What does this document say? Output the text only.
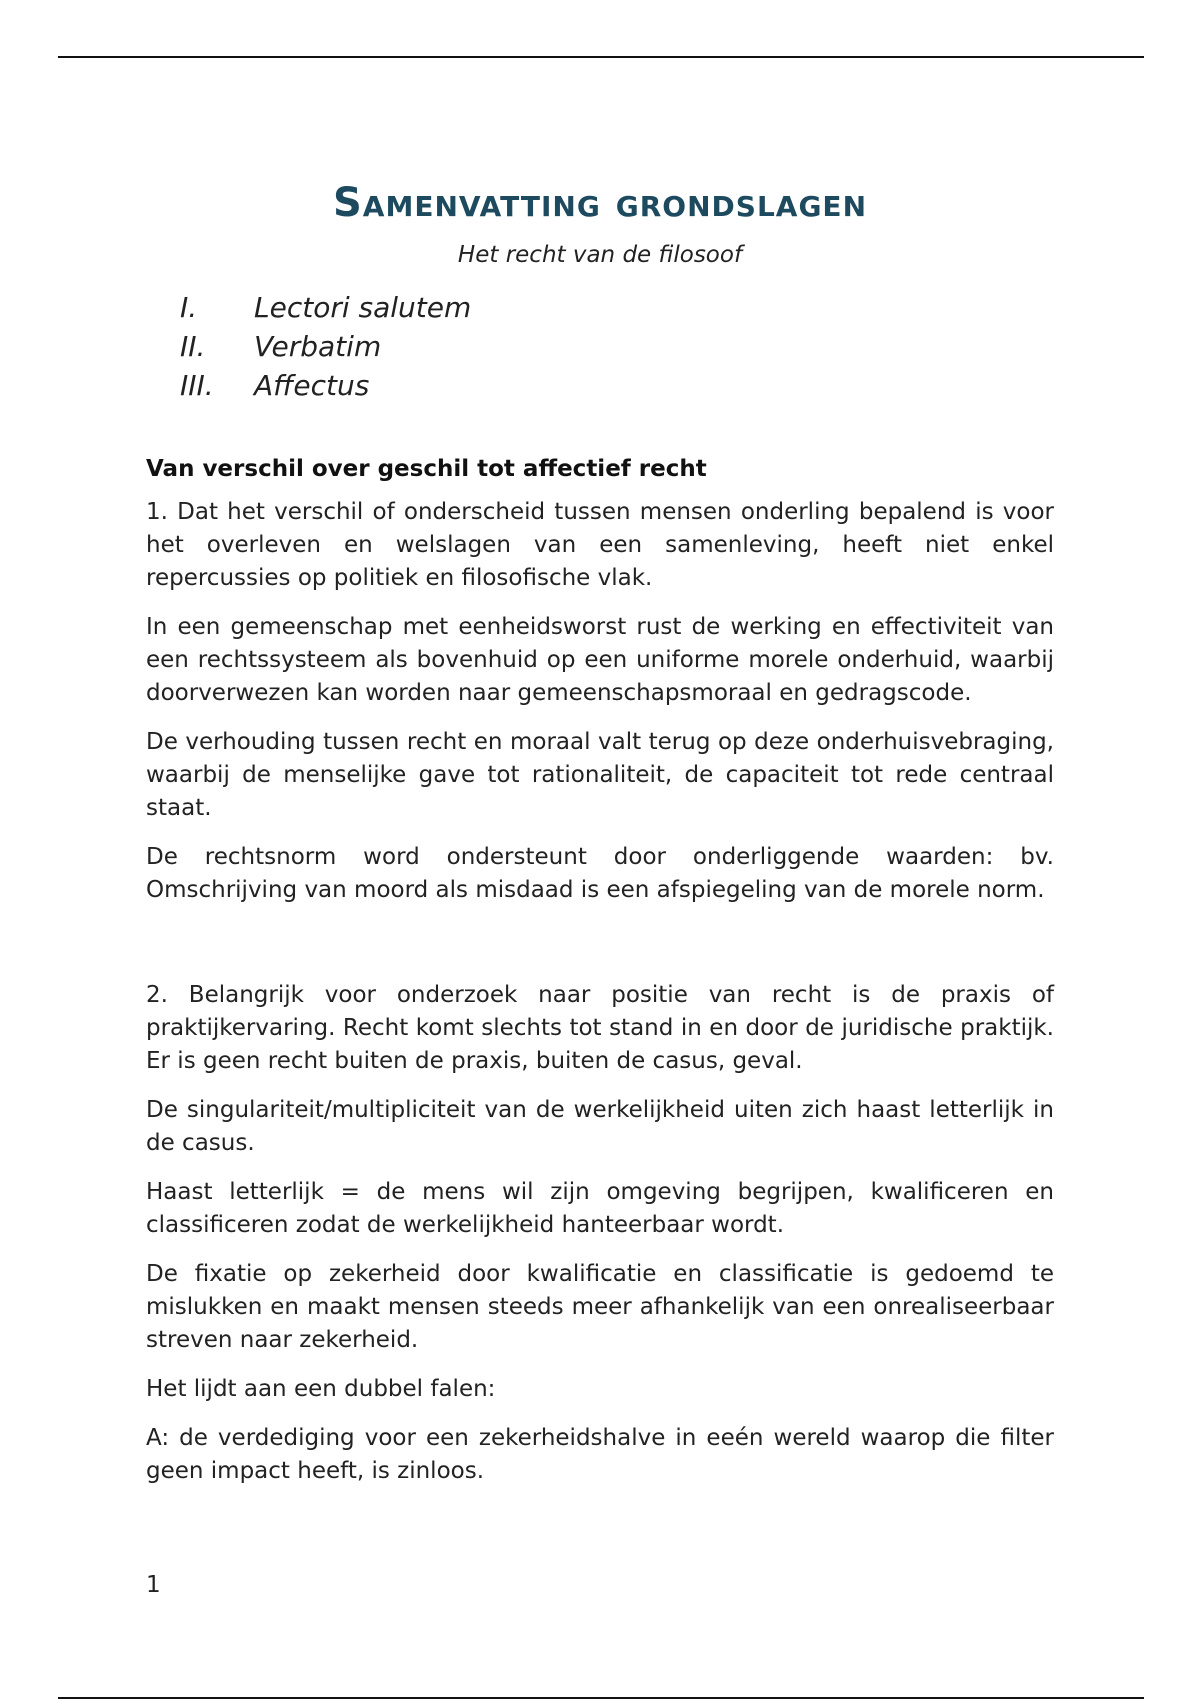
Samenvatting grondslagen
Het recht van de filosoof
I.	Lectori salutem
II.	Verbatim
III.	Affectus
Van verschil over geschil tot affectief recht

1. Dat het verschil of onderscheid tussen mensen onderling bepalend is voor het overleven en welslagen van een samenleving, heeft niet enkel repercussies op politiek en filosofische vlak.

In een gemeenschap met eenheidsworst rust de werking en effectiviteit van een rechtssysteem als bovenhuid op een uniforme morele onderhuid, waarbij doorverwezen kan worden naar gemeenschapsmoraal en gedragscode.

De verhouding tussen recht en moraal valt terug op deze onderhuisvebraging, waarbij de menselijke gave tot rationaliteit, de capaciteit tot rede centraal staat.

De rechtsnorm word ondersteunt door onderliggende waarden: bv. Omschrijving van moord als misdaad is een afspiegeling van de morele norm.

2. Belangrijk voor onderzoek naar positie van recht is de praxis of praktijkervaring. Recht komt slechts tot stand in en door de juridische praktijk. Er is geen recht buiten de praxis, buiten de casus, geval.

De singulariteit/multipliciteit van de werkelijkheid uiten zich haast letterlijk in de casus.

Haast letterlijk = de mens wil zijn omgeving begrijpen, kwalificeren en classificeren zodat de werkelijkheid hanteerbaar wordt.

De fixatie op zekerheid door kwalificatie en classificatie is gedoemd te mislukken en maakt mensen steeds meer afhankelijk van een onrealiseerbaar streven naar zekerheid.

Het lijdt aan een dubbel falen:

A: de verdediging voor een zekerheidshalve in eeén wereld waarop die filter geen impact heeft, is zinloos.

1
